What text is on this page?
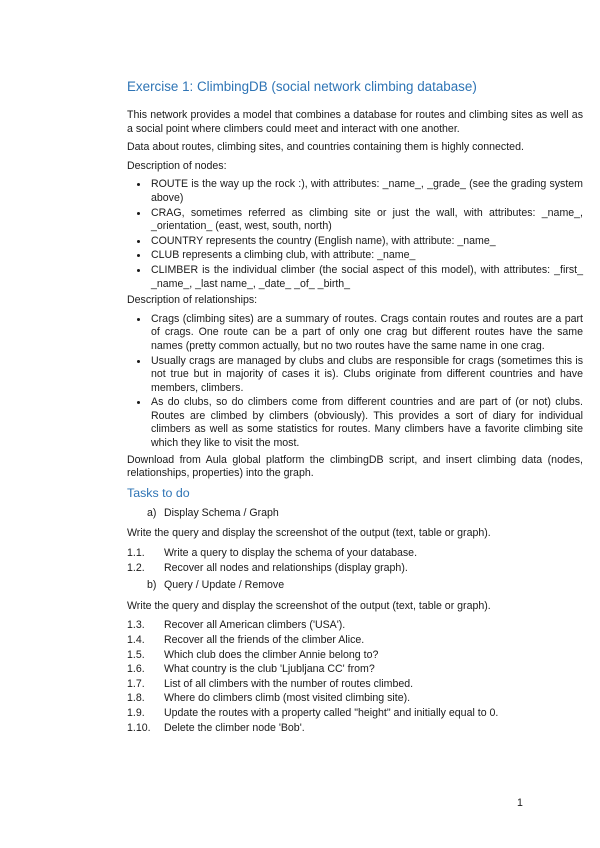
Exercise 1: ClimbingDB (social network climbing database)

This network provides a model that combines a database for routes and climbing sites as well as a social point where climbers could meet and interact with one another.

Data about routes, climbing sites, and countries containing them is highly connected.

Description of nodes:

• ROUTE is the way up the rock :), with attributes: _name_, _grade_ (see the grading system above)
• CRAG, sometimes referred as climbing site or just the wall, with attributes: _name_, _orientation_ (east, west, south, north)
• COUNTRY represents the country (English name), with attribute: _name_
• CLUB represents a climbing club, with attribute: _name_
• CLIMBER is the individual climber (the social aspect of this model), with attributes: _first_ _name_, _last name_, _date_ _of_ _birth_

Description of relationships:

• Crags (climbing sites) are a summary of routes. Crags contain routes and routes are a part of crags. One route can be a part of only one crag but different routes have the same names (pretty common actually, but no two routes have the same name in one crag.
• Usually crags are managed by clubs and clubs are responsible for crags (sometimes this is not true but in majority of cases it is). Clubs originate from different countries and have members, climbers.
• As do clubs, so do climbers come from different countries and are part of (or not) clubs. Routes are climbed by climbers (obviously). This provides a sort of diary for individual climbers as well as some statistics for routes. Many climbers have a favorite climbing site which they like to visit the most.

Download from Aula global platform the climbingDB script, and insert climbing data (nodes, relationships, properties) into the graph.

Tasks to do
a) Display Schema / Graph

Write the query and display the screenshot of the output (text, table or graph).

1.1.	Write a query to display the schema of your database.
1.2.	Recover all nodes and relationships (display graph).
b) Query / Update / Remove

Write the query and display the screenshot of the output (text, table or graph).

1.3.	Recover all American climbers ('USA').
1.4.	Recover all the friends of the climber Alice.
1.5.	Which club does the climber Annie belong to?
1.6.	What country is the club 'Ljubljana CC' from?
1.7.	List of all climbers with the number of routes climbed.
1.8.	Where do climbers climb (most visited climbing site).
1.9.	Update the routes with a property called "height" and initially equal to 0.
1.10.	Delete the climber node 'Bob'.
1
